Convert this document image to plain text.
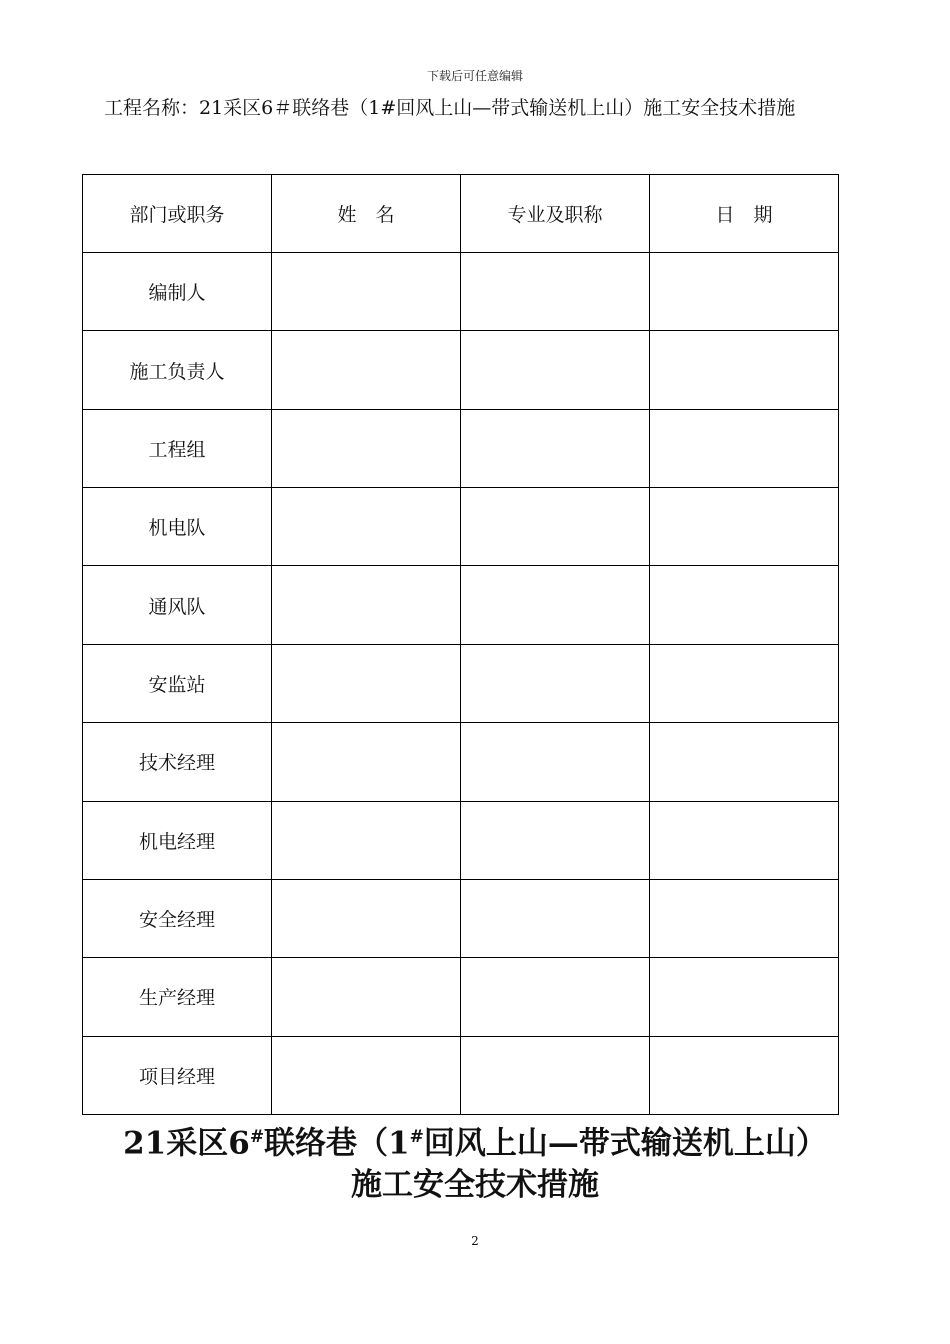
下载后可任意编辑
工程名称：21采区6＃联络巷（1#回风上山—带式输送机上山）施工安全技术措施
部门或职务	姓　名	专业及职称	日　期
编制人			
施工负责人			
工程组			
机电队			
通风队			
安监站			
技术经理			
机电经理			
安全经理			
生产经理			
项目经理			
21采区6#联络巷（1#回风上山—带式输送机上山）施工安全技术措施
2
